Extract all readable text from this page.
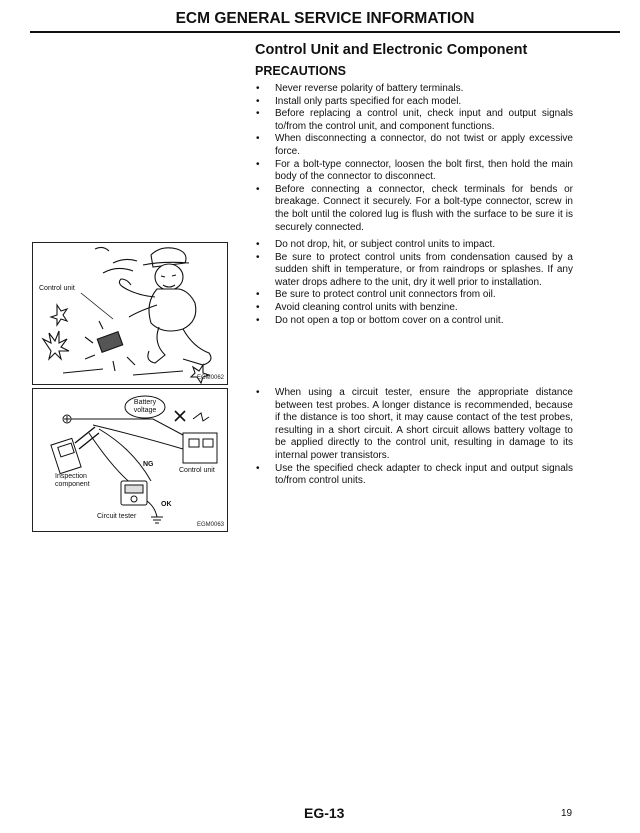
ECM GENERAL SERVICE INFORMATION
Control Unit and Electronic Component
PRECAUTIONS
• Never reverse polarity of battery terminals.
• Install only parts specified for each model.
• Before replacing a control unit, check input and output signals to/from the control unit, and component functions.
• When disconnecting a connector, do not twist or apply excessive force.
• For a bolt-type connector, loosen the bolt first, then hold the main body of the connector to disconnect.
• Before connecting a connector, check terminals for bends or breakage. Connect it securely. For a bolt-type connector, screw in the bolt until the colored lug is flush with the surface to be sure it is securely connected.
• Do not drop, hit, or subject control units to impact.
• Be sure to protect control units from condensation caused by a sudden shift in temperature, or from raindrops or splashes. If any water drops adhere to the unit, dry it well prior to installation.
• Be sure to protect control unit connectors from oil.
• Avoid cleaning control units with benzine.
• Do not open a top or bottom cover on a control unit.
• When using a circuit tester, ensure the appropriate distance between test probes. A longer distance is recommended, because if the distance is too short, it may cause contact of the test probes, resulting in a short circuit. A short circuit allows battery voltage to be applied directly to the control unit, resulting in damage to its internal power transistors.
• Use the specified check adapter to check input and output signals to/from control units.
Control unit
EGM0062
Battery
voltage
NG
Control unit
Inspection
component
Circuit tester
OK
EGM0063
EG-13	19
